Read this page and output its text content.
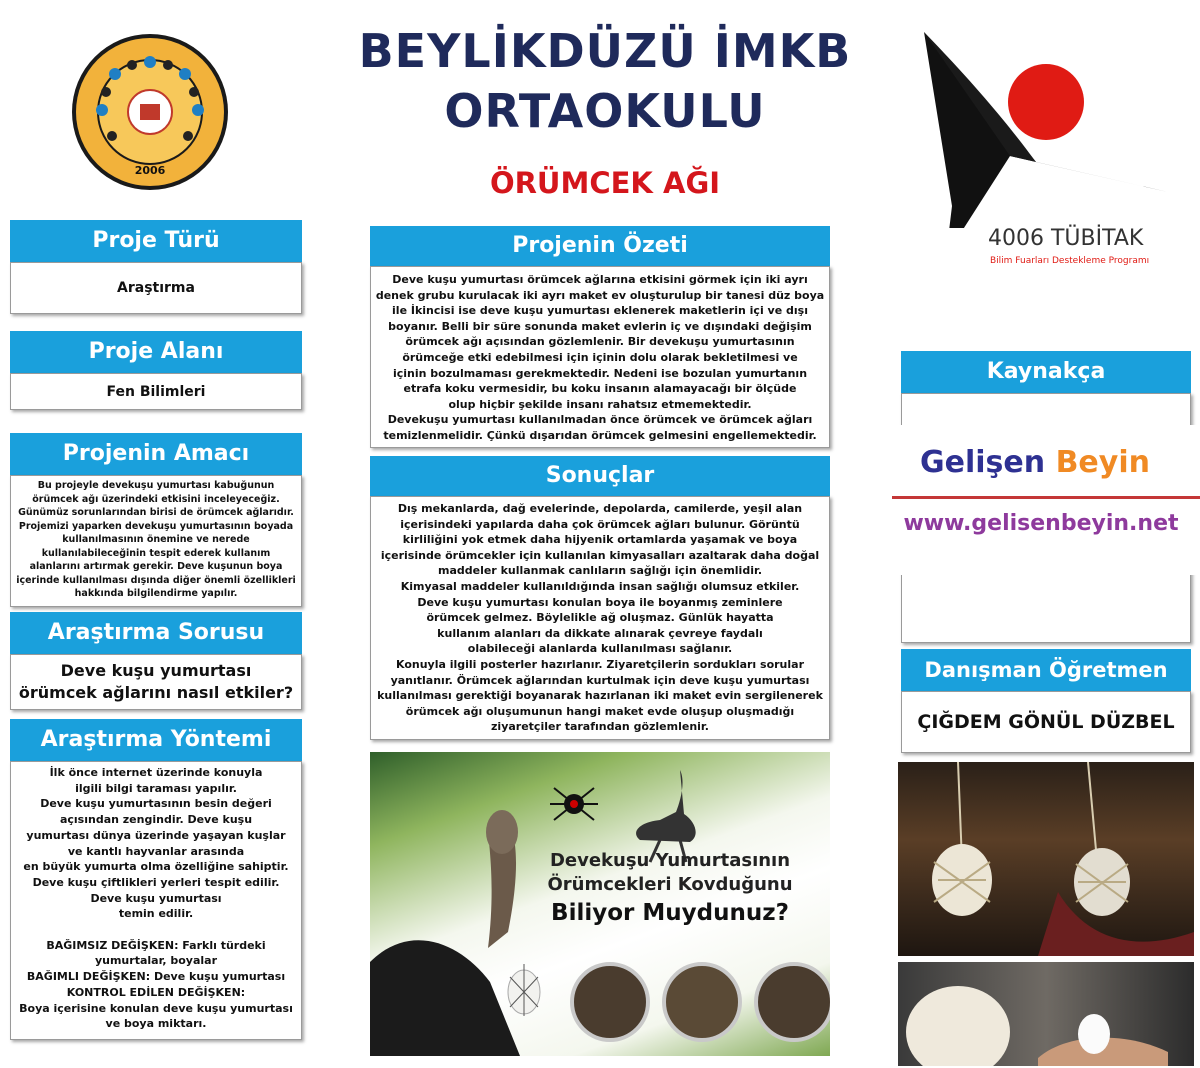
2006
BEYLİKDÜZÜ İMKB
ORTAOKULU
ÖRÜMCEK AĞI
4006 TÜBİTAK
Bilim Fuarları Destekleme Programı
Proje Türü
Araştırma
Proje Alanı
Fen Bilimleri
Projenin Amacı
Bu projeyle devekuşu yumurtası kabuğunun
örümcek ağı üzerindeki etkisini inceleyeceğiz.
Günümüz sorunlarından birisi de örümcek ağlarıdır.
Projemizi yaparken devekuşu yumurtasının boyada
kullanılmasının önemine ve nerede
kullanılabileceğinin tespit ederek kullanım
alanlarını artırmak gerekir. Deve kuşunun boya
içerinde kullanılması dışında diğer önemli özellikleri
hakkında bilgilendirme yapılır.
Araştırma Sorusu
Deve kuşu yumurtası
örümcek ağlarını nasıl etkiler?
Araştırma Yöntemi
İlk önce internet üzerinde konuyla
ilgili bilgi taraması yapılır.
Deve kuşu yumurtasının besin değeri
açısından zengindir. Deve kuşu
yumurtası dünya üzerinde yaşayan kuşlar
ve kantlı hayvanlar arasında
en büyük yumurta olma özelliğine sahiptir.
Deve kuşu çiftlikleri yerleri tespit edilir.
Deve kuşu yumurtası
temin edilir.
BAĞIMSIZ DEĞİŞKEN: Farklı türdeki
yumurtalar, boyalar
BAĞIMLI DEĞİŞKEN: Deve kuşu yumurtası
KONTROL EDİLEN DEĞİŞKEN:
Boya içerisine konulan deve kuşu yumurtası
ve boya miktarı.
Projenin Özeti
Deve kuşu yumurtası örümcek ağlarına etkisini görmek için iki ayrı
denek grubu kurulacak iki ayrı maket ev oluşturulup bir tanesi düz boya
ile İkincisi ise deve kuşu yumurtası eklenerek maketlerin içi ve dışı
boyanır. Belli bir süre sonunda maket evlerin iç ve dışındaki değişim
örümcek ağı açısından gözlemlenir. Bir devekuşu yumurtasının
örümceğe etki edebilmesi için içinin dolu olarak bekletilmesi ve
içinin bozulmaması gerekmektedir. Nedeni ise bozulan yumurtanın
etrafa koku vermesidir, bu koku insanın alamayacağı bir ölçüde
olup hiçbir şekilde insanı rahatsız etmemektedir.
Devekuşu yumurtası kullanılmadan önce örümcek ve örümcek ağları
temizlenmelidir. Çünkü dışarıdan örümcek gelmesini engellemektedir.
Sonuçlar
Dış mekanlarda, dağ evelerinde, depolarda, camilerde, yeşil alan
içerisindeki yapılarda daha çok örümcek ağları bulunur. Görüntü
kirliliğini yok etmek daha hijyenik ortamlarda yaşamak ve boya
içerisinde örümcekler için kullanılan kimyasalları azaltarak daha doğal
maddeler kullanmak canlıların sağlığı için önemlidir.
Kimyasal maddeler kullanıldığında insan sağlığı olumsuz etkiler.
Deve kuşu yumurtası konulan boya ile boyanmış zeminlere
örümcek gelmez. Böylelikle ağ oluşmaz. Günlük hayatta
kullanım alanları da dikkate alınarak çevreye faydalı
olabileceği alanlarda kullanılması sağlanır.
Konuyla ilgili posterler hazırlanır. Ziyaretçilerin sordukları sorular
yanıtlanır. Örümcek ağlarından kurtulmak için deve kuşu yumurtası
kullanılması gerektiği boyanarak hazırlanan iki maket evin sergilenerek
örümcek ağı oluşumunun hangi maket evde oluşup oluşmadığı
ziyaretçiler tarafından gözlemlenir.
Devekuşu Yumurtasının
Örümcekleri Kovduğunu
Biliyor Muydunuz?
Kaynakça
Gelişen Beyin
www.gelisenbeyin.net
Danışman Öğretmen
ÇIĞDEM GÖNÜL DÜZBEL
